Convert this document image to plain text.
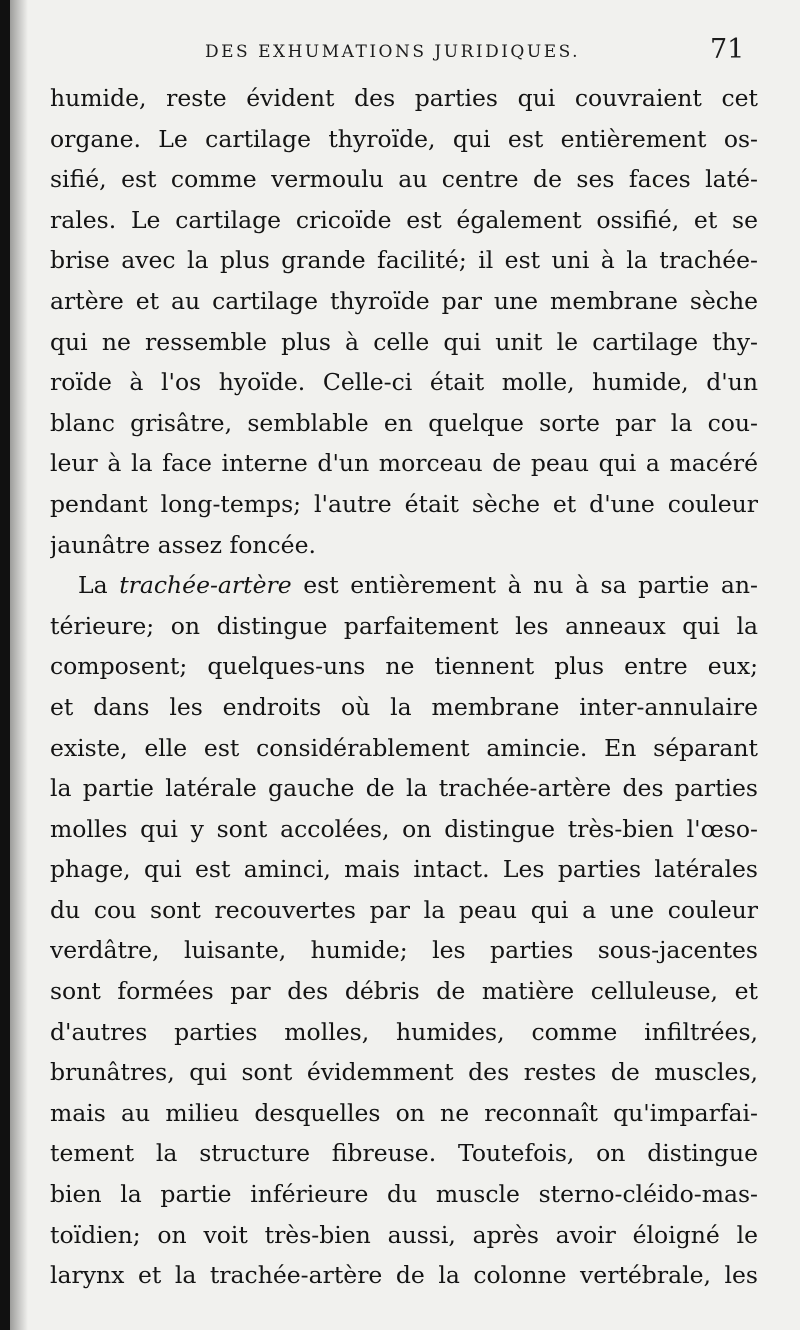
DES EXHUMATIONS JURIDIQUES.	71
humide, reste évident des parties qui couvraient cet
organe. Le cartilage thyroïde, qui est entièrement os-
sifié, est comme vermoulu au centre de ses faces laté-
rales. Le cartilage cricoïde est également ossifié, et se
brise avec la plus grande facilité; il est uni à la trachée-
artère et au cartilage thyroïde par une membrane sèche
qui ne ressemble plus à celle qui unit le cartilage thy-
roïde à l'os hyoïde. Celle-ci était molle, humide, d'un
blanc grisâtre, semblable en quelque sorte par la cou-
leur à la face interne d'un morceau de peau qui a macéré
pendant long-temps; l'autre était sèche et d'une couleur
jaunâtre assez foncée.
La trachée-artère est entièrement à nu à sa partie an-
térieure; on distingue parfaitement les anneaux qui la
composent; quelques-uns ne tiennent plus entre eux;
et dans les endroits où la membrane inter-annulaire
existe, elle est considérablement amincie. En séparant
la partie latérale gauche de la trachée-artère des parties
molles qui y sont accolées, on distingue très-bien l'œso-
phage, qui est aminci, mais intact. Les parties latérales
du cou sont recouvertes par la peau qui a une couleur
verdâtre, luisante, humide; les parties sous-jacentes
sont formées par des débris de matière celluleuse, et
d'autres parties molles, humides, comme infiltrées,
brunâtres, qui sont évidemment des restes de muscles,
mais au milieu desquelles on ne reconnaît qu'imparfai-
tement la structure fibreuse. Toutefois, on distingue
bien la partie inférieure du muscle sterno-cléido-mas-
toïdien; on voit très-bien aussi, après avoir éloigné le
larynx et la trachée-artère de la colonne vertébrale, les
